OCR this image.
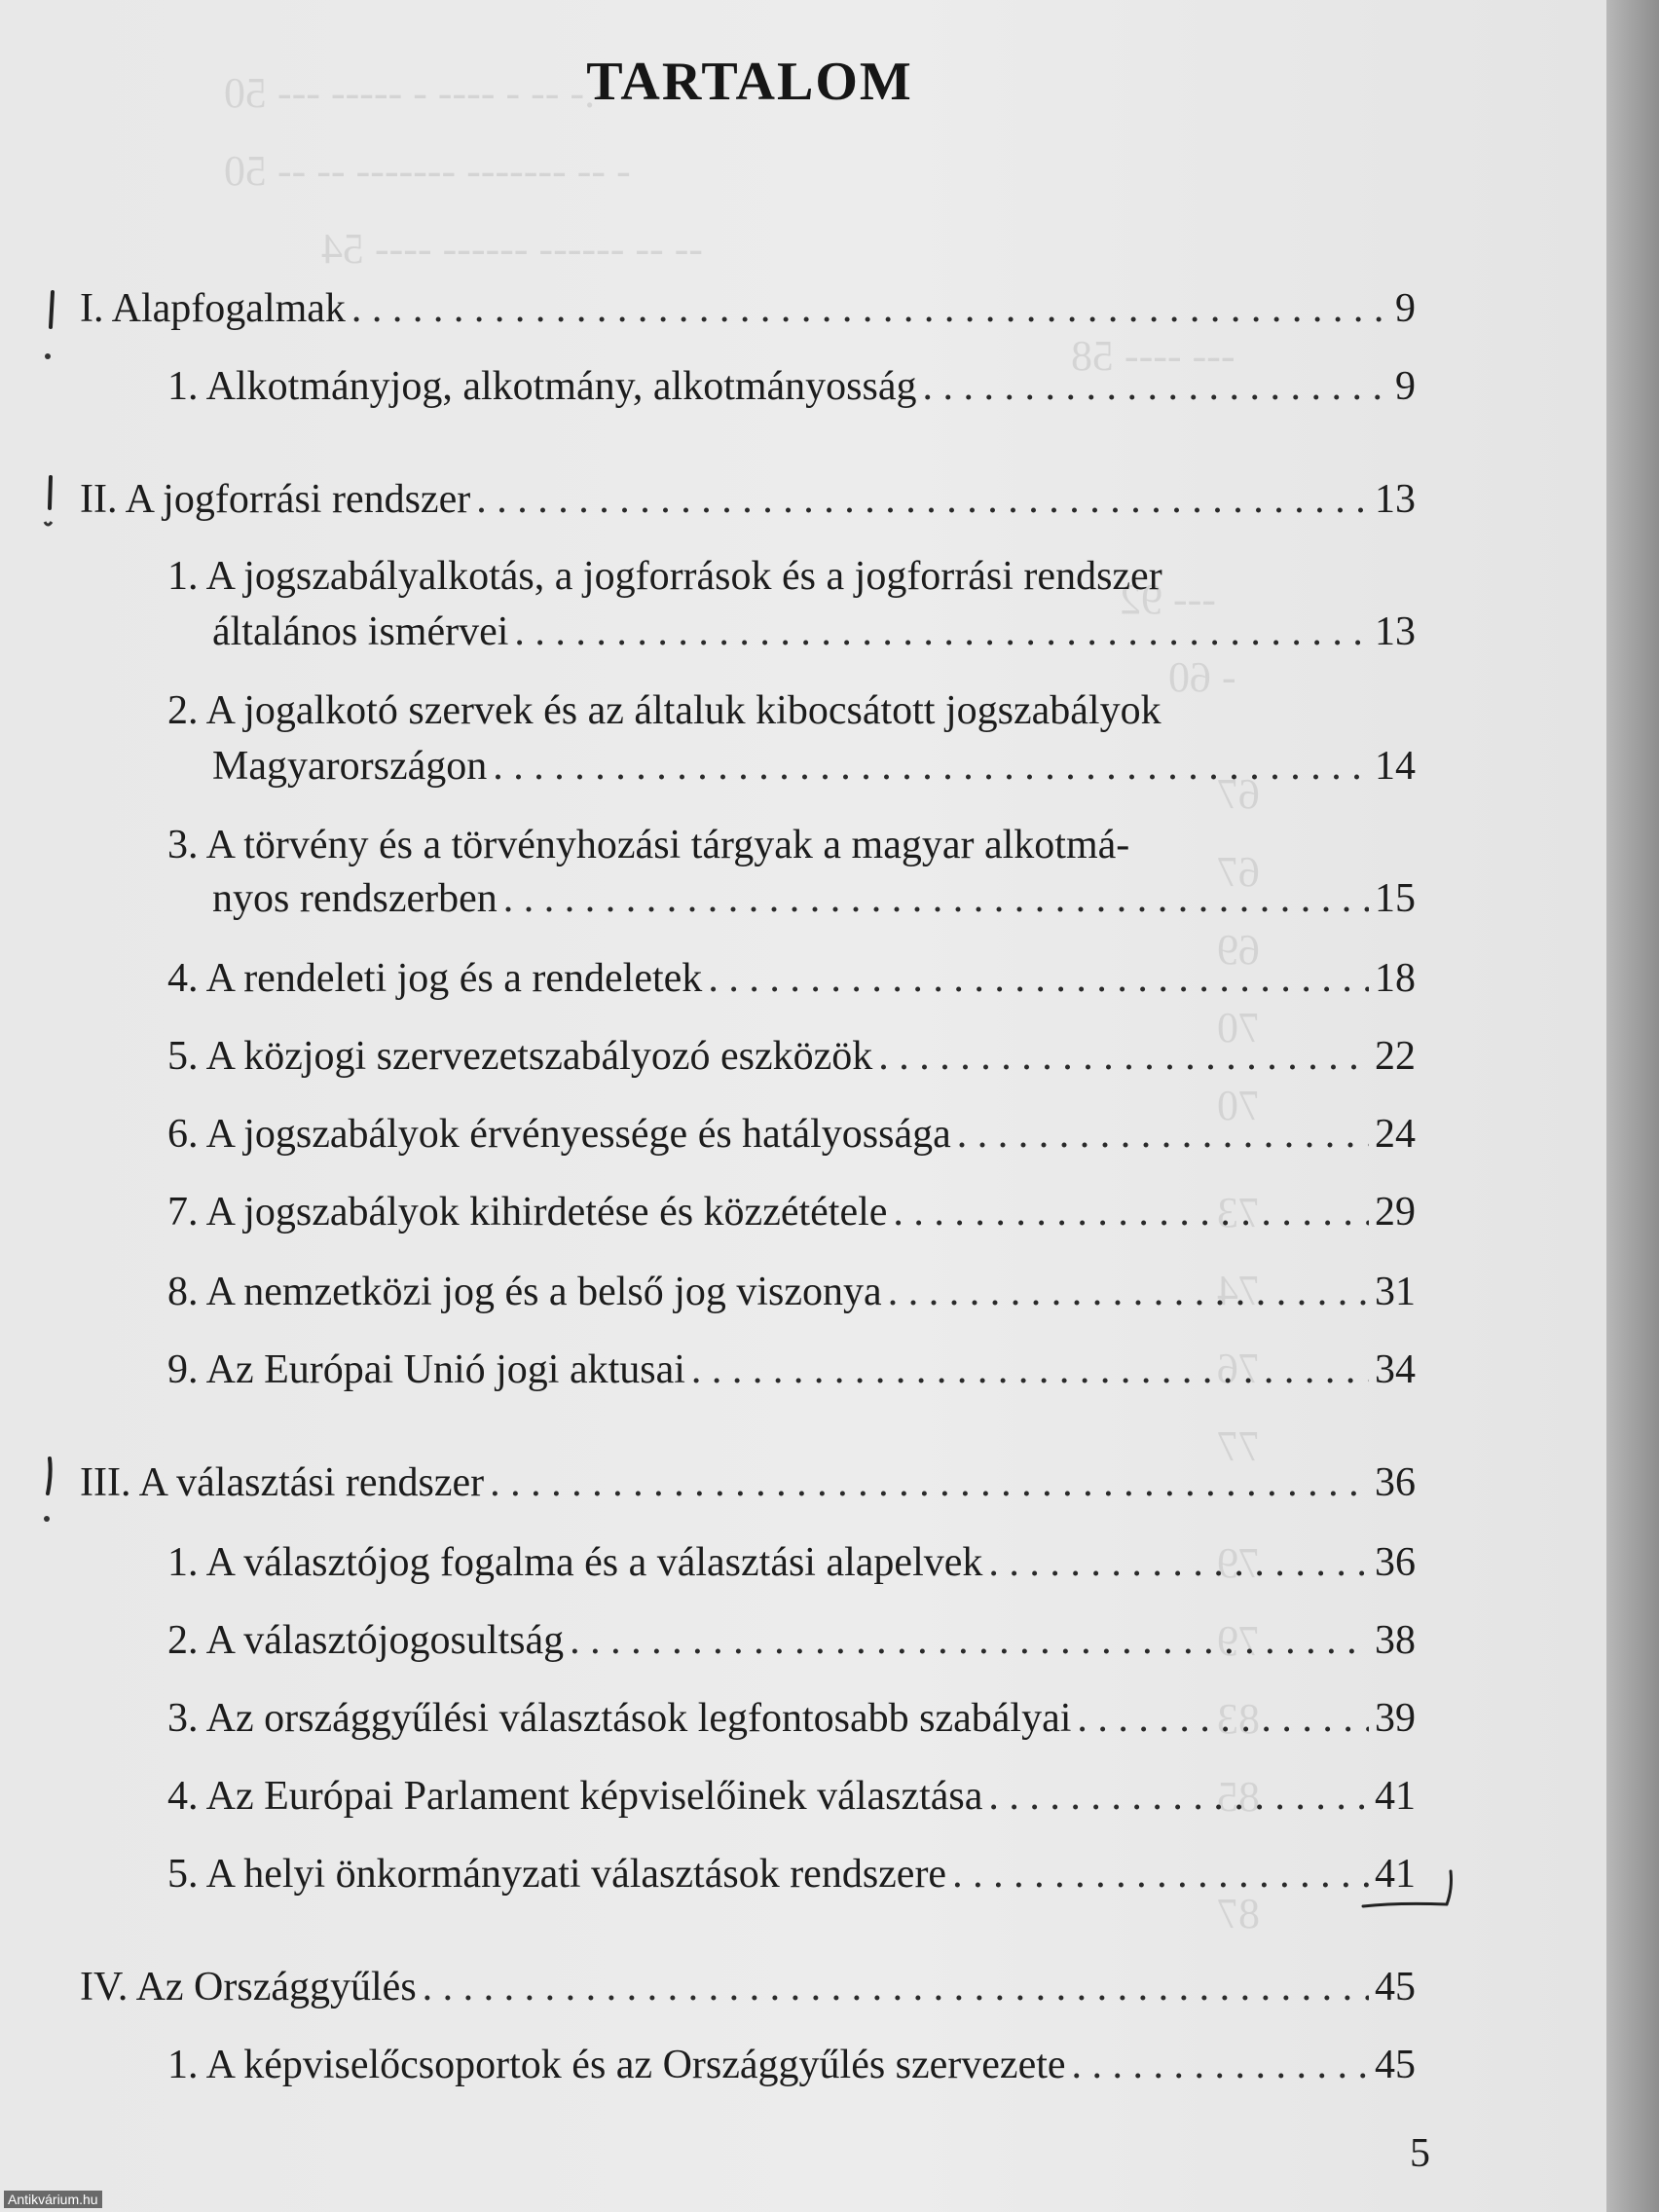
-.- -- - ---- - ----- --- 50
- -- ------- ------- -- -- 50
-- -- ------ ------ ---- 54
--- ---- 58
--- 92
- 60
67
67
69
70
70
73
74
76
77
79
79
83
85
87
TARTALOM
I. Alapfogalmak . . .	9
1. Alkotmányjog, alkotmány, alkotmányosság . . .	9
II. A jogforrási rendszer . . .	13
1. A jogszabályalkotás, a jogforrások és a jogforrási rendszer
általános ismérvei . . .	13
2. A jogalkotó szervek és az általuk kibocsátott jogszabályok
Magyarországon . . .	14
3. A törvény és a törvényhozási tárgyak a magyar alkotmá-
nyos rendszerben . . .	15
4. A rendeleti jog és a rendeletek . . .	18
5. A közjogi szervezetszabályozó eszközök . . .	22
6. A jogszabályok érvényessége és hatályossága . . .	24
7. A jogszabályok kihirdetése és közzététele . . .	29
8. A nemzetközi jog és a belső jog viszonya . . .	31
9. Az Európai Unió jogi aktusai . . .	34
III. A választási rendszer . . .	36
1. A választójog fogalma és a választási alapelvek . . .	36
2. A választójogosultság . . .	38
3. Az országgyűlési választások legfontosabb szabályai . . .	39
4. Az Európai Parlament képviselőinek választása . . .	41
5. A helyi önkormányzati választások rendszere . . .	41
IV. Az Országgyűlés . . .	45
1. A képviselőcsoportok és az Országgyűlés szervezete . . .	45
5
Antikvárium.hu
